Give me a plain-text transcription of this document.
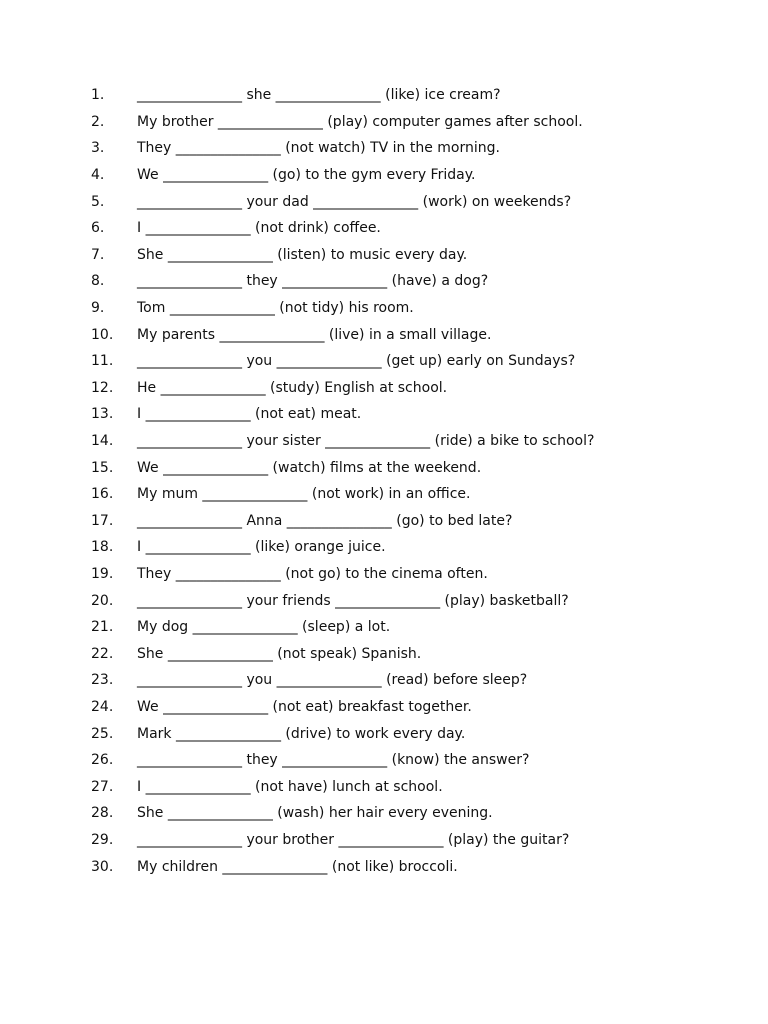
1.	_______________ she _______________ (like) ice cream?
2.	My brother _______________ (play) computer games after school.
3.	They _______________ (not watch) TV in the morning.
4.	We _______________ (go) to the gym every Friday.
5.	_______________ your dad _______________ (work) on weekends?
6.	I _______________ (not drink) coffee.
7.	She _______________ (listen) to music every day.
8.	_______________ they _______________ (have) a dog?
9.	Tom _______________ (not tidy) his room.
10.	My parents _______________ (live) in a small village.
11.	_______________ you _______________ (get up) early on Sundays?
12.	He _______________ (study) English at school.
13.	I _______________ (not eat) meat.
14.	_______________ your sister _______________ (ride) a bike to school?
15.	We _______________ (watch) films at the weekend.
16.	My mum _______________ (not work) in an office.
17.	_______________ Anna _______________ (go) to bed late?
18.	I _______________ (like) orange juice.
19.	They _______________ (not go) to the cinema often.
20.	_______________ your friends _______________ (play) basketball?
21.	My dog _______________ (sleep) a lot.
22.	She _______________ (not speak) Spanish.
23.	_______________ you _______________ (read) before sleep?
24.	We _______________ (not eat) breakfast together.
25.	Mark _______________ (drive) to work every day.
26.	_______________ they _______________ (know) the answer?
27.	I _______________ (not have) lunch at school.
28.	She _______________ (wash) her hair every evening.
29.	_______________ your brother _______________ (play) the guitar?
30.	My children _______________ (not like) broccoli.
